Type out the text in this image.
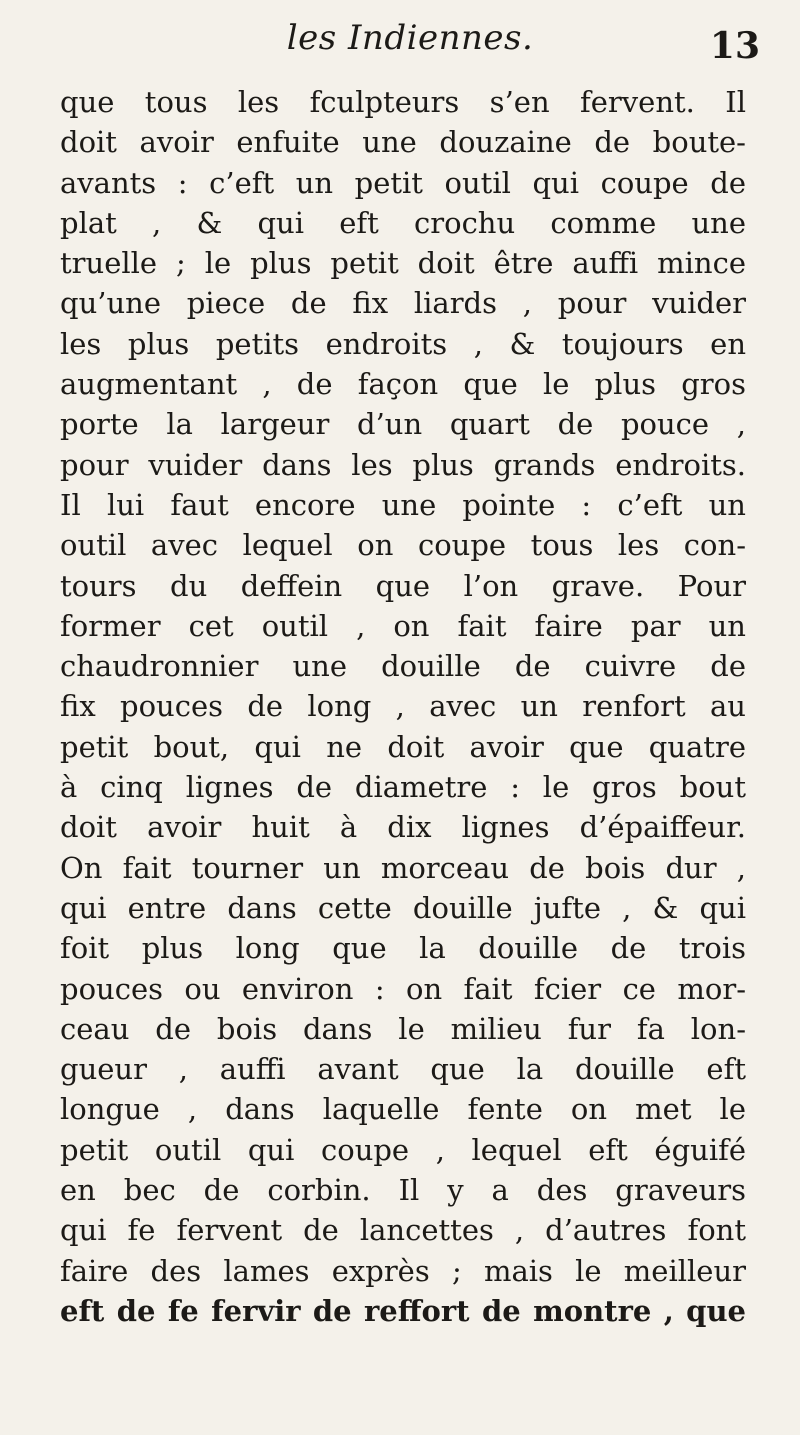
les Indiennes.	13
que tous les fculpteurs s’en fervent. Il
doit avoir enfuite une douzaine de boute-
avants : c’eft un petit outil qui coupe de
plat , & qui eft crochu comme une
truelle ; le plus petit doit être auffi mince
qu’une piece de fix liards , pour vuider
les plus petits endroits , & toujours en
augmentant , de façon que le plus gros
porte la largeur d’un quart de pouce ,
pour vuider dans les plus grands endroits.
Il lui faut encore une pointe : c’eft un
outil avec lequel on coupe tous les con-
tours du deffein que l’on grave. Pour
former cet outil , on fait faire par un
chaudronnier une douille de cuivre de
fix pouces de long , avec un renfort au
petit bout, qui ne doit avoir que quatre
à cinq lignes de diametre : le gros bout
doit avoir huit à dix lignes d’épaiffeur.
On fait tourner un morceau de bois dur ,
qui entre dans cette douille jufte , & qui
foit plus long que la douille de trois
pouces ou environ : on fait fcier ce mor-
ceau de bois dans le milieu fur fa lon-
gueur , auffi avant que la douille eft
longue , dans laquelle fente on met le
petit outil qui coupe , lequel eft éguifé
en bec de corbin. Il y a des graveurs
qui fe fervent de lancettes , d’autres font
faire des lames exprès ; mais le meilleur
eft de fe fervir de reffort de montre , que
